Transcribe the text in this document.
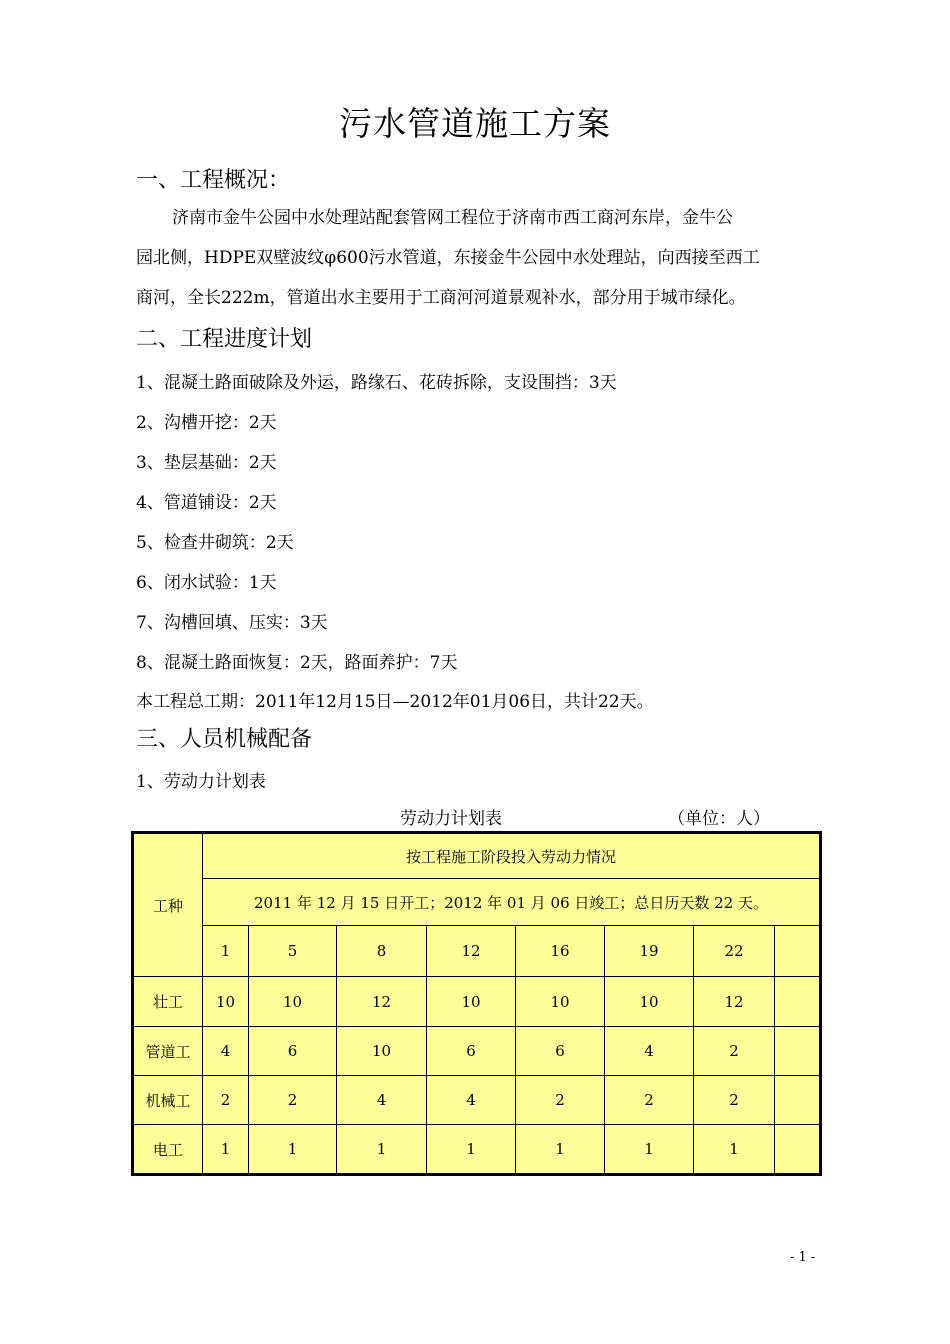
污水管道施工方案
一、工程概况：
济南市金牛公园中水处理站配套管网工程位于济南市西工商河东岸，金牛公
园北侧，HDPE双壁波纹φ600污水管道，东接金牛公园中水处理站，向西接至西工
商河，全长222m，管道出水主要用于工商河河道景观补水，部分用于城市绿化。
二、工程进度计划
1、混凝土路面破除及外运，路缘石、花砖拆除，支设围挡：3天
2、沟槽开挖：2天
3、垫层基础：2天
4、管道铺设：2天
5、检查井砌筑：2天
6、闭水试验：1天
7、沟槽回填、压实：3天
8、混凝土路面恢复：2天，路面养护：7天
本工程总工期：2011年12月15日—2012年01月06日，共计22天。
三、人员机械配备
1、劳动力计划表
劳动力计划表	（单位：人）
工种	按工程施工阶段投入劳动力情况							
	2011 年 12 月 15 日开工；2012 年 01 月 06 日竣工；总日历天数 22 天。							
	1	5	8	12	16	19	22	
壮工	10	10	12	10	10	10	12	
管道工	4	6	10	6	6	4	2	
机械工	2	2	4	4	2	2	2	
电工	1	1	1	1	1	1	1	
- 1 -
